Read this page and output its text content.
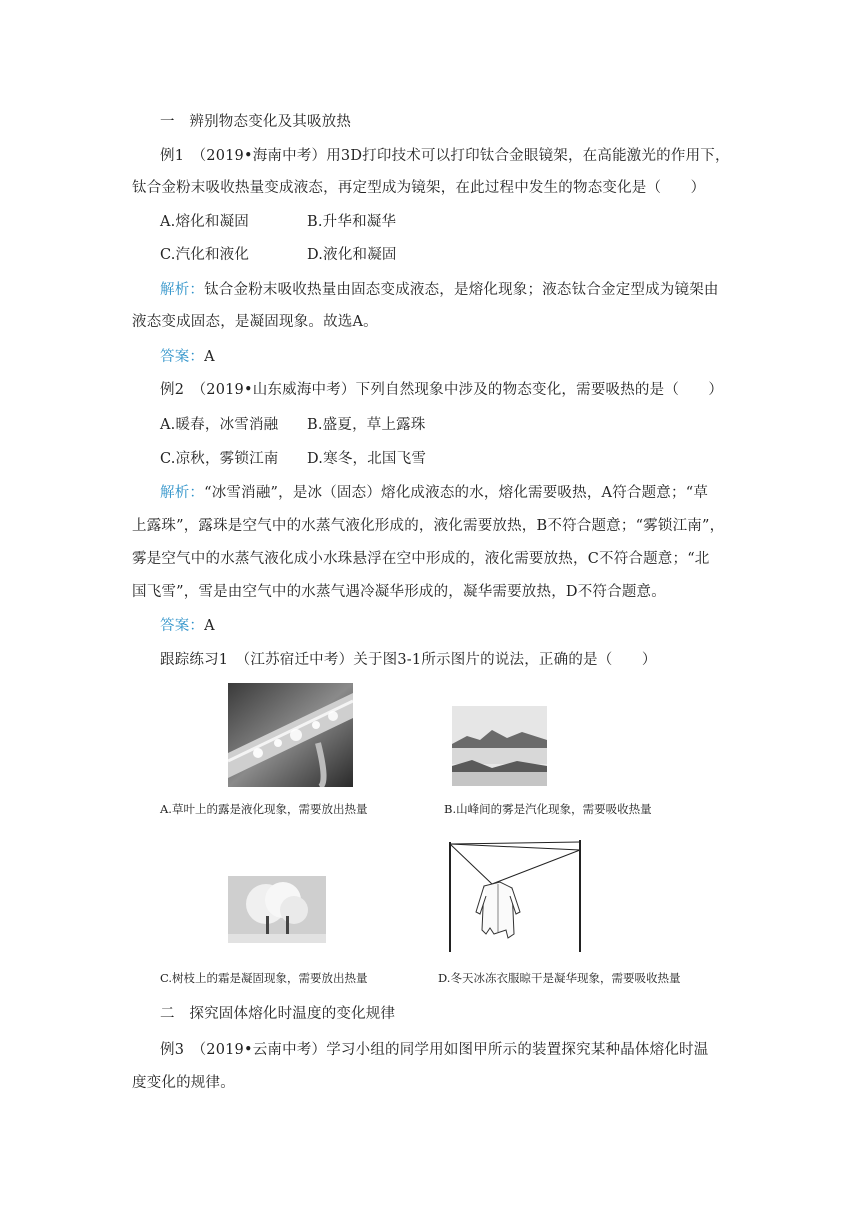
一　辨别物态变化及其吸放热
例1　（2019•海南中考）用3D打印技术可以打印钛合金眼镜架，在高能激光的作用下，
钛合金粉末吸收热量变成液态，再定型成为镜架，在此过程中发生的物态变化是（　　）
A.熔化和凝固	B.升华和凝华
C.汽化和液化	D.液化和凝固
解析：钛合金粉末吸收热量由固态变成液态，是熔化现象；液态钛合金定型成为镜架由
液态变成固态，是凝固现象。故选A。
答案：A
例2　（2019•山东威海中考）下列自然现象中涉及的物态变化，需要吸热的是（　　）
A.暖春，冰雪消融	B.盛夏，草上露珠
C.凉秋，雾锁江南	D.寒冬，北国飞雪
解析：“冰雪消融”，是冰（固态）熔化成液态的水，熔化需要吸热，A符合题意；“草
上露珠”，露珠是空气中的水蒸气液化形成的，液化需要放热，B不符合题意；“雾锁江南”，
雾是空气中的水蒸气液化成小水珠悬浮在空中形成的，液化需要放热，C不符合题意；“北
国飞雪”，雪是由空气中的水蒸气遇冷凝华形成的，凝华需要放热，D不符合题意。
答案：A
跟踪练习1　（江苏宿迁中考）关于图3-1所示图片的说法，正确的是（　　）
A.草叶上的露是液化现象，需要放出热量	B.山峰间的雾是汽化现象，需要吸收热量
C.树枝上的霜是凝固现象，需要放出热量	D.冬天冰冻衣服晾干是凝华现象，需要吸收热量
二　探究固体熔化时温度的变化规律
例3　（2019•云南中考）学习小组的同学用如图甲所示的装置探究某种晶体熔化时温
度变化的规律。
